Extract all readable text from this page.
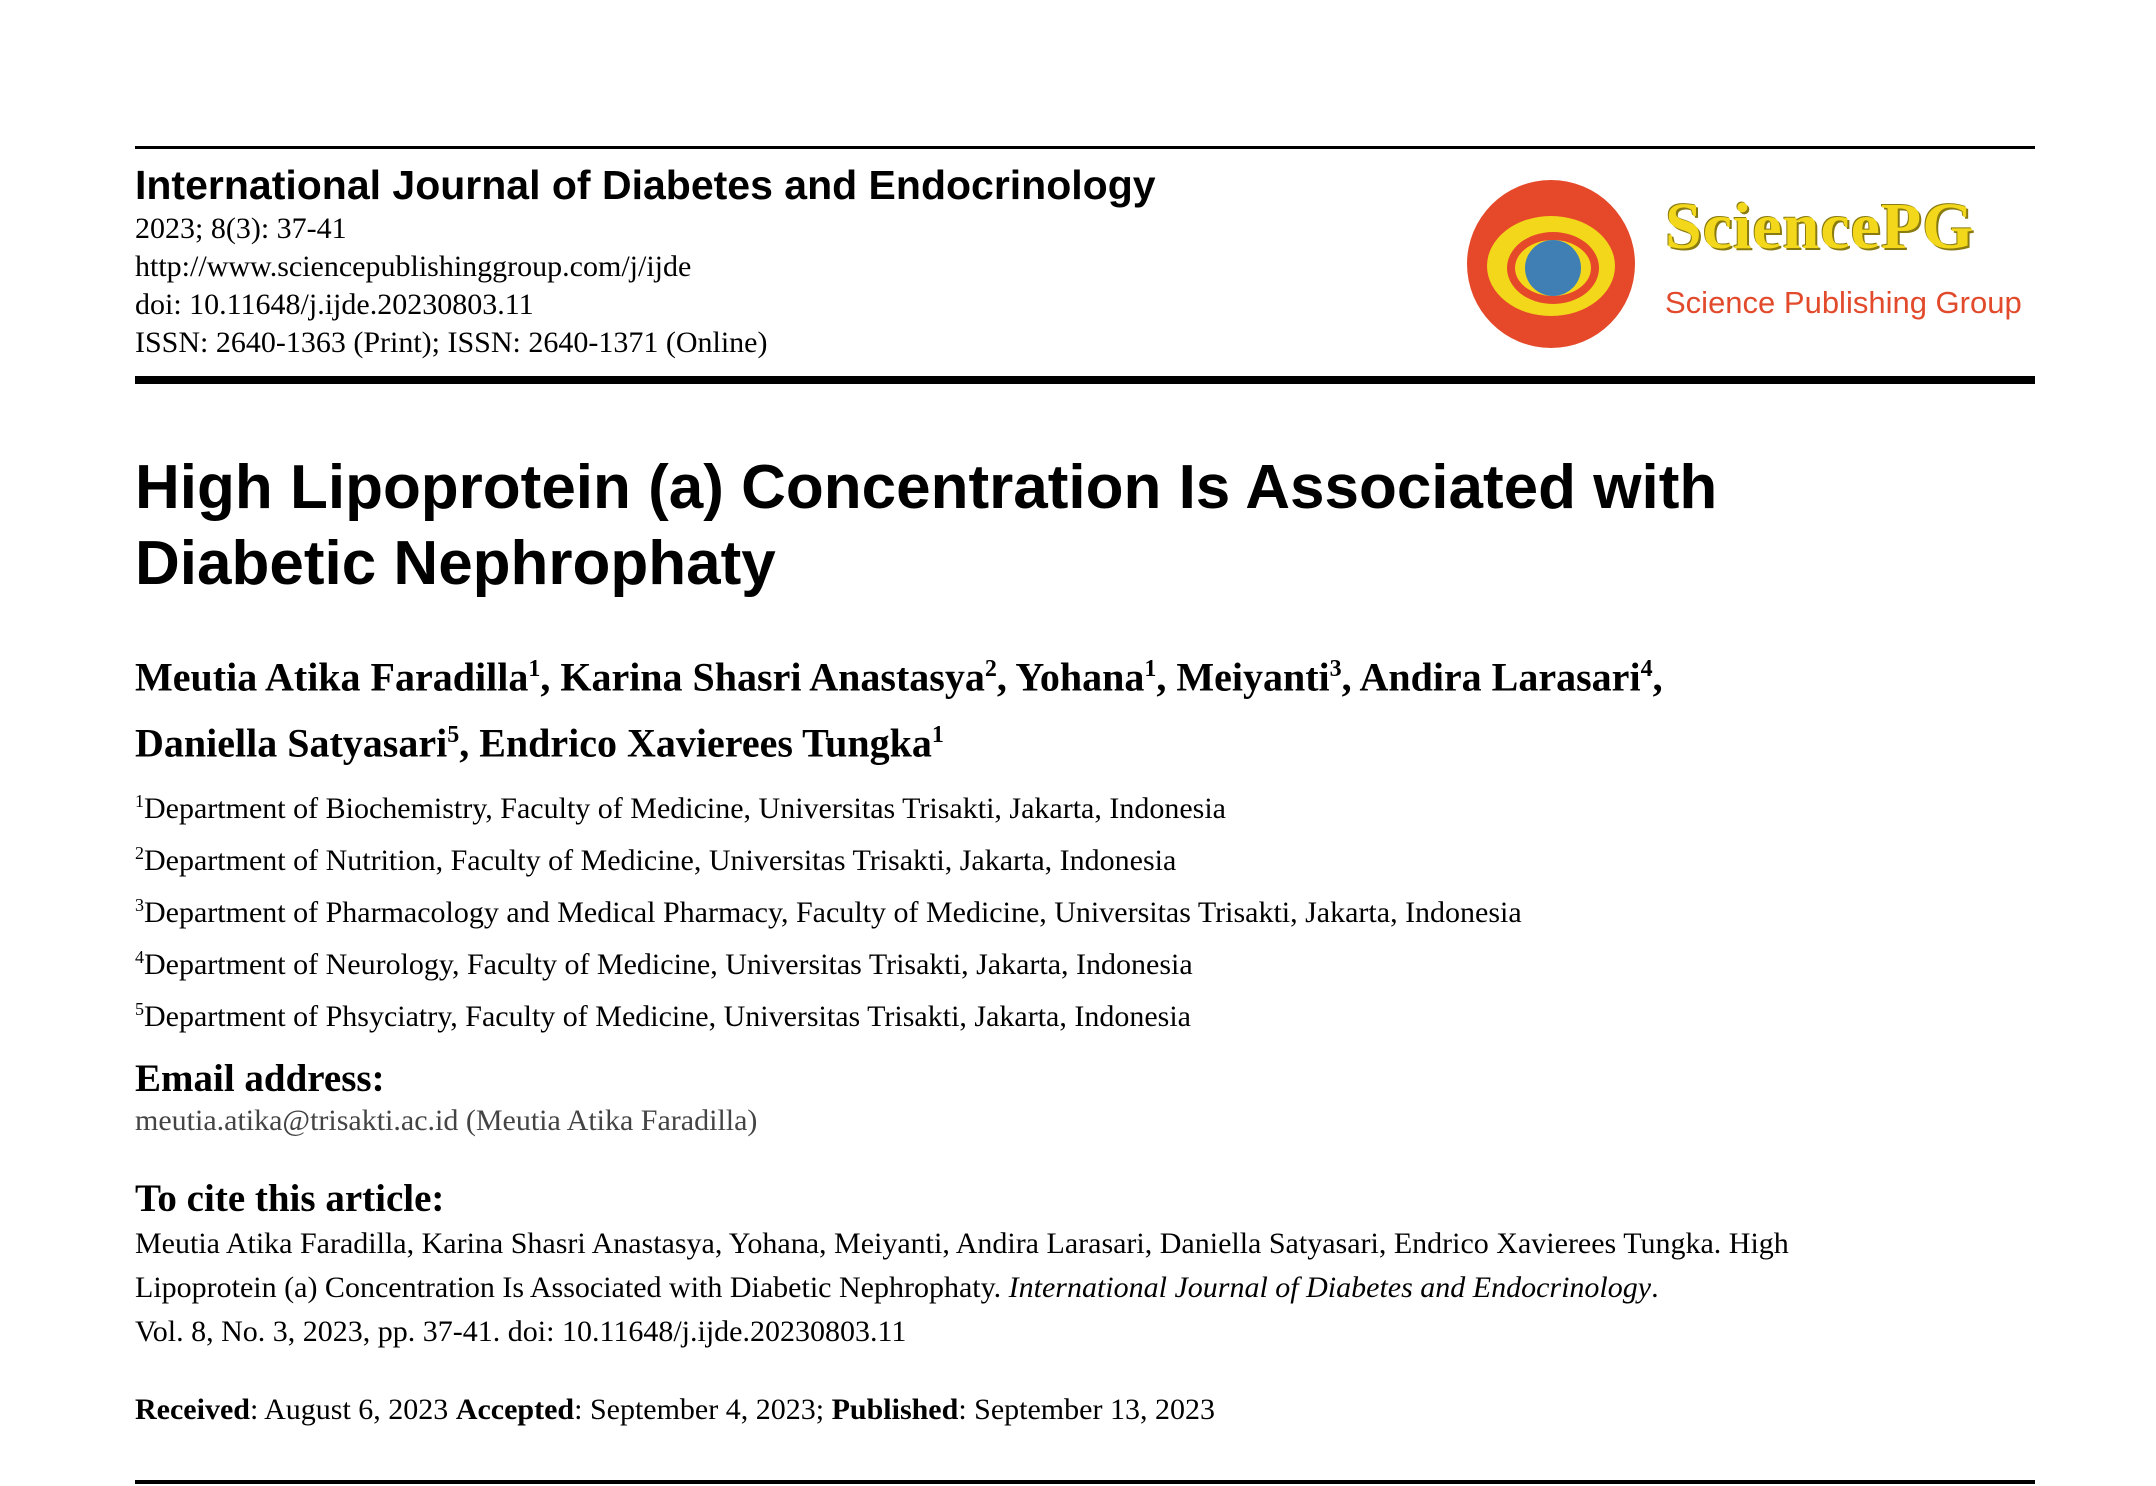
International Journal of Diabetes and Endocrinology
2023; 8(3): 37-41
http://www.sciencepublishinggroup.com/j/ijde
doi: 10.11648/j.ijde.20230803.11
ISSN: 2640-1363 (Print); ISSN: 2640-1371 (Online)
SciencePG
Science Publishing Group
High Lipoprotein (a) Concentration Is Associated with
Diabetic Nephrophaty
Meutia Atika Faradilla$^1$, Karina Shasri Anastasya$^2$, Yohana$^1$, Meiyanti$^3$, Andira Larasari$^4$,
Daniella Satyasari$^5$, Endrico Xavierees Tungka$^1$
$^1$Department of Biochemistry, Faculty of Medicine, Universitas Trisakti, Jakarta, Indonesia
$^2$Department of Nutrition, Faculty of Medicine, Universitas Trisakti, Jakarta, Indonesia
$^3$Department of Pharmacology and Medical Pharmacy, Faculty of Medicine, Universitas Trisakti, Jakarta, Indonesia
$^4$Department of Neurology, Faculty of Medicine, Universitas Trisakti, Jakarta, Indonesia
$^5$Department of Phsyciatry, Faculty of Medicine, Universitas Trisakti, Jakarta, Indonesia
Email address:
meutia.atika@trisakti.ac.id (Meutia Atika Faradilla)
To cite this article:
Meutia Atika Faradilla, Karina Shasri Anastasya, Yohana, Meiyanti, Andira Larasari, Daniella Satyasari, Endrico Xavierees Tungka. High
Lipoprotein (a) Concentration Is Associated with Diabetic Nephrophaty. International Journal of Diabetes and Endocrinology.
Vol. 8, No. 3, 2023, pp. 37-41. doi: 10.11648/j.ijde.20230803.11
Received: August 6, 2023 Accepted: September 4, 2023; Published: September 13, 2023
